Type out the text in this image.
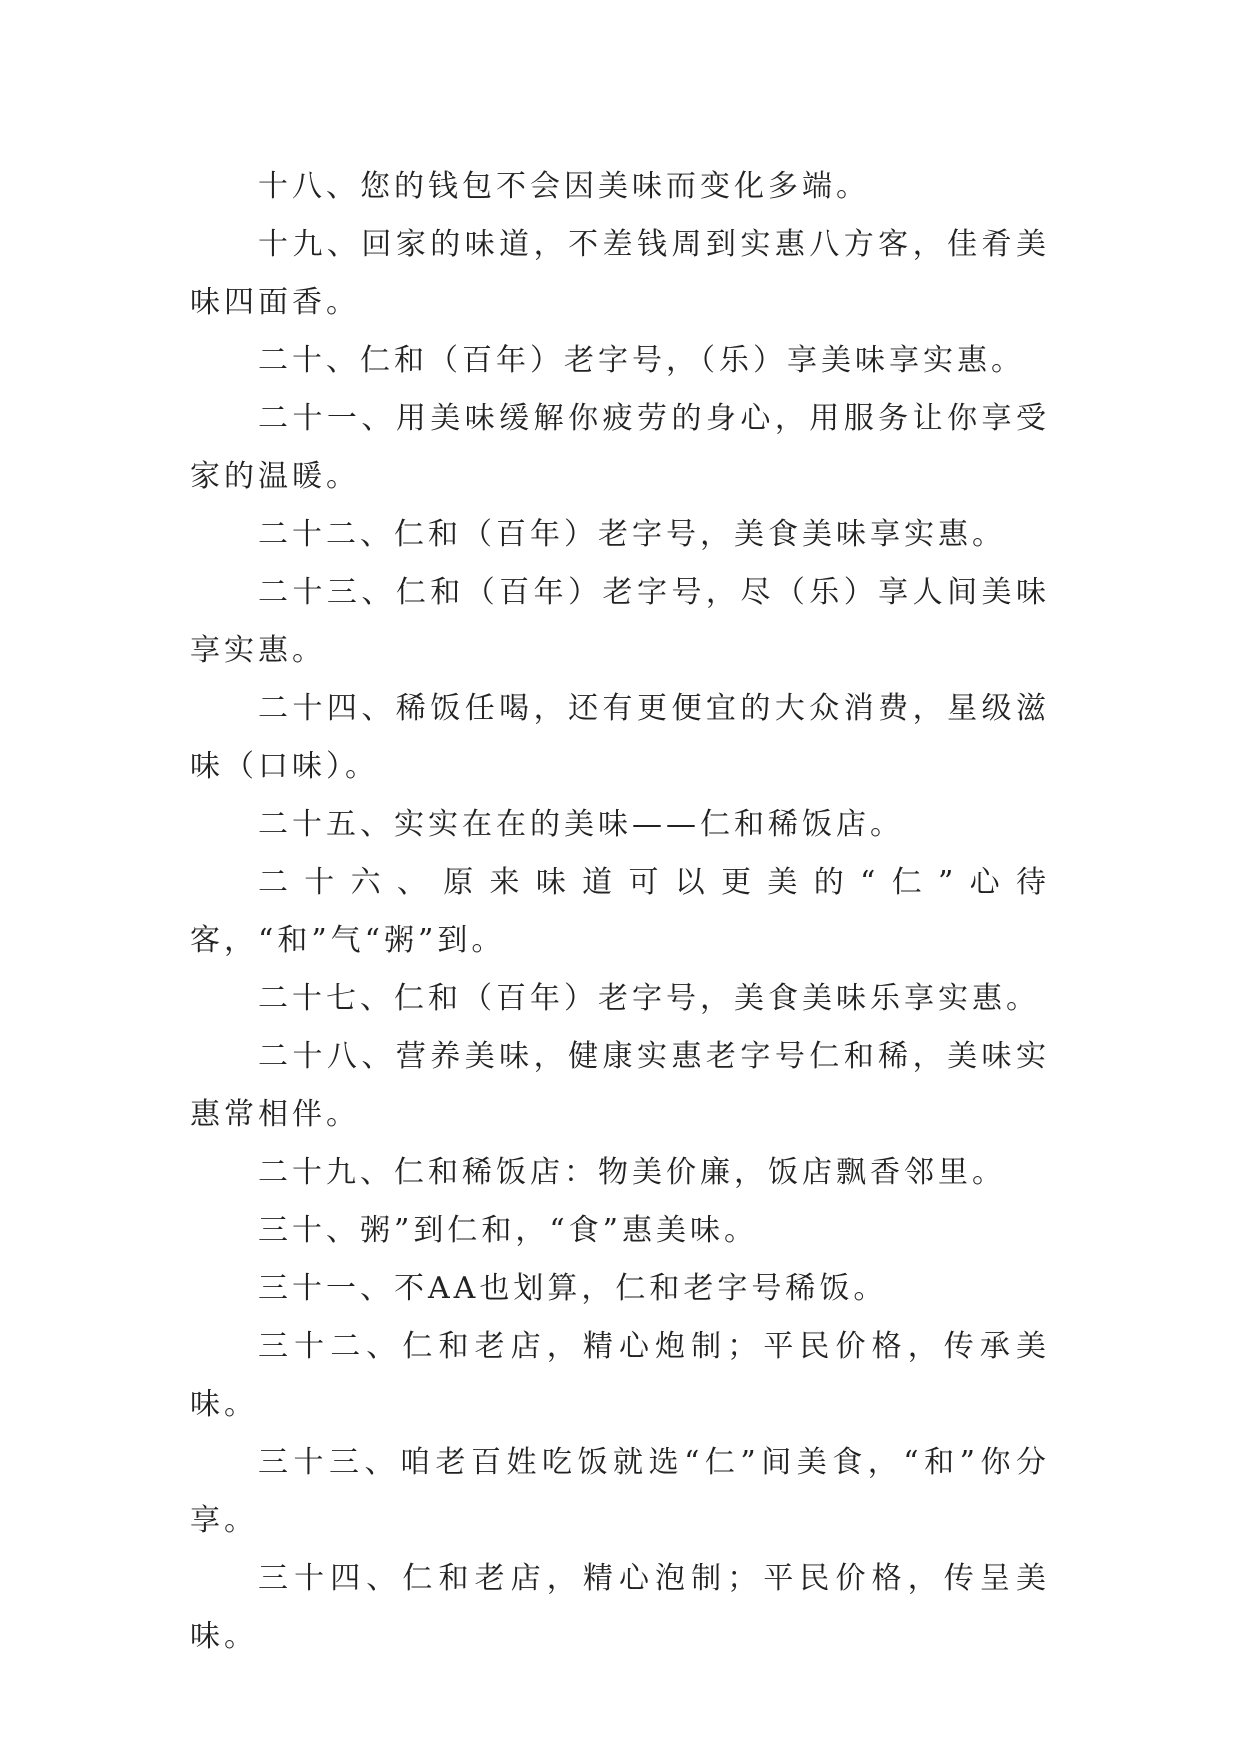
十八、您的钱包不会因美味而变化多端。

十九、回家的味道，不差钱周到实惠八方客，佳肴美味四面香。

二十、仁和（百年）老字号，（乐）享美味享实惠。

二十一、用美味缓解你疲劳的身心，用服务让你享受家的温暖。

二十二、仁和（百年）老字号，美食美味享实惠。

二十三、仁和（百年）老字号，尽（乐）享人间美味享实惠。

二十四、稀饭任喝，还有更便宜的大众消费，星级滋味（口味）。

二十五、实实在在的美味——仁和稀饭店。

二十六、原来味道可以更美的“仁”心待客，“和”气“粥”到。

二十七、仁和（百年）老字号，美食美味乐享实惠。

二十八、营养美味，健康实惠老字号仁和稀，美味实惠常相伴。

二十九、仁和稀饭店：物美价廉，饭店飘香邻里。

三十、粥”到仁和，“食”惠美味。

三十一、不AA也划算，仁和老字号稀饭。

三十二、仁和老店，精心炮制；平民价格，传承美味。

三十三、咱老百姓吃饭就选“仁”间美食，“和”你分享。

三十四、仁和老店，精心泡制；平民价格，传呈美味。
